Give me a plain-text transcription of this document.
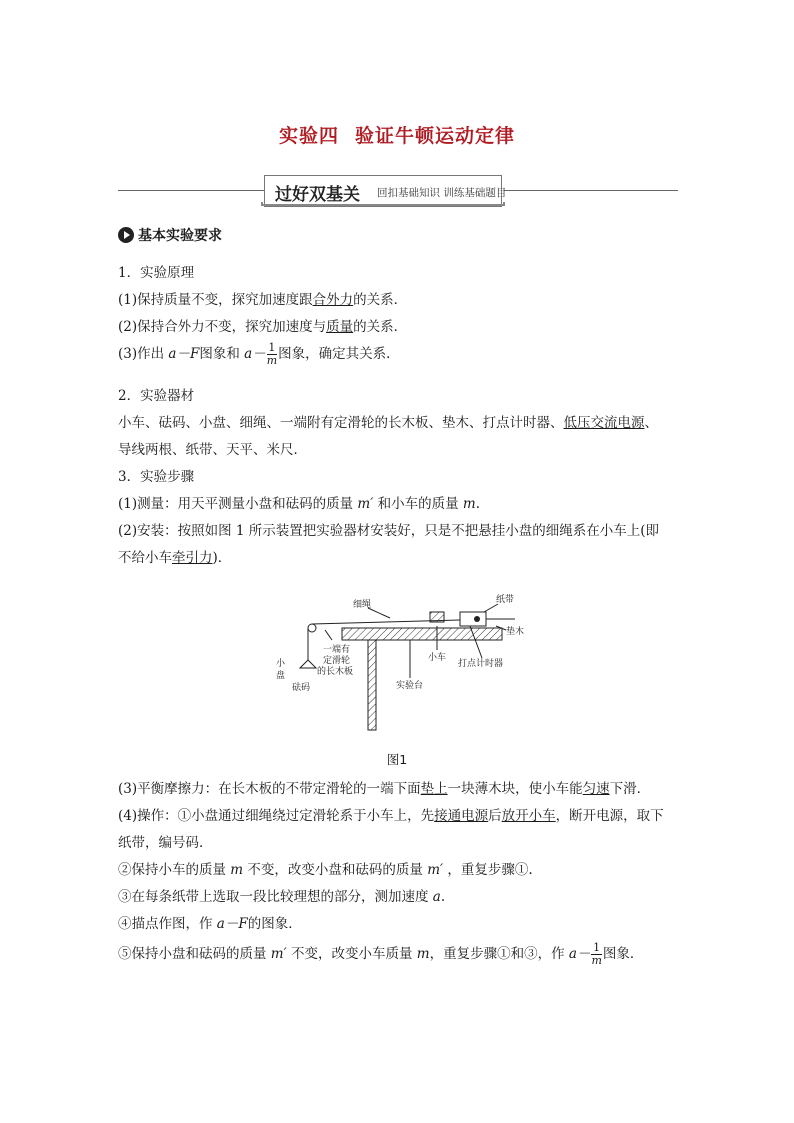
实验四 验证牛顿运动定律
过好双基关 回扣基础知识 训练基础题目
基本实验要求
1．实验原理
(1)保持质量不变，探究加速度跟合外力的关系．
(2)保持合外力不变，探究加速度与质量的关系．
(3)作出 a－F图象和 $a- \frac{1}{m}$ 图象，确定其关系．
2．实验器材
小车、砝码、小盘、细绳、一端附有定滑轮的长木板、垫木、打点计时器、低压交流电源、
导线两根、纸带、天平、米尺．
3．实验步骤
(1)测量：用天平测量小盘和砝码的质量 m′ 和小车的质量 m.
(2)安装：按照如图 1 所示装置把实验器材安装好，只是不把悬挂小盘的细绳系在小车上(即
不给小车牵引力)．
细绳	纸带
垫木
小车
打点计时器
小
盘
砝码
一端有
定滑轮
的长木板
实验台
图1
(3)平衡摩擦力：在长木板的不带定滑轮的一端下面垫上一块薄木块，使小车能匀速下滑．
(4)操作：①小盘通过细绳绕过定滑轮系于小车上，先接通电源后放开小车，断开电源，取下
纸带，编号码．
②保持小车的质量 m 不变，改变小盘和砝码的质量 m′ ，重复步骤①.
③在每条纸带上选取一段比较理想的部分，测加速度 a.
④描点作图，作 a－F的图象．
⑤保持小盘和砝码的质量 m′ 不变，改变小车质量 m，重复步骤①和③，作 $a- \frac{1}{m}$ 图象．
